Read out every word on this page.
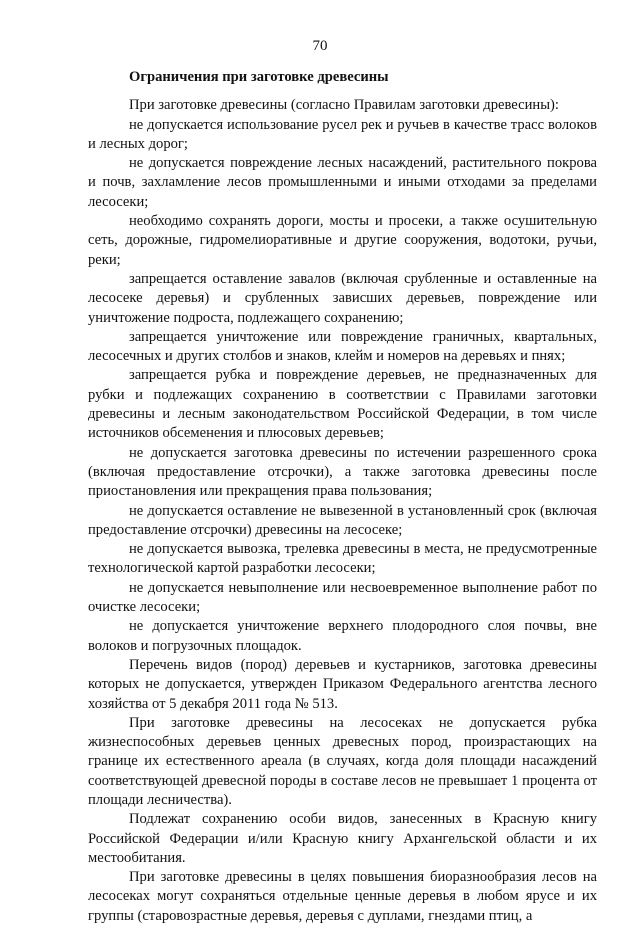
70

Ограничения при заготовке древесины

При заготовке древесины (согласно Правилам заготовки древесины):

не допускается использование русел рек и ручьев в качестве трасс волоков и лесных дорог;

не допускается повреждение лесных насаждений, растительного покрова и почв, захламление лесов промышленными и иными отходами за пределами лесосеки;

необходимо сохранять дороги, мосты и просеки, а также осушительную сеть, дорожные, гидромелиоративные и другие сооружения, водотоки, ручьи, реки;

запрещается оставление завалов (включая срубленные и оставленные на лесосеке деревья) и срубленных зависших деревьев, повреждение или уничтожение подроста, подлежащего сохранению;

запрещается уничтожение или повреждение граничных, квартальных, лесосечных и других столбов и знаков, клейм и номеров на деревьях и пнях;

запрещается рубка и повреждение деревьев, не предназначенных для рубки и подлежащих сохранению в соответствии с Правилами заготовки древесины и лесным законодательством Российской Федерации, в том числе источников обсеменения и плюсовых деревьев;

не допускается заготовка древесины по истечении разрешенного срока (включая предоставление отсрочки), а также заготовка древесины после приостановления или прекращения права пользования;

не допускается оставление не вывезенной в установленный срок (включая предоставление отсрочки) древесины на лесосеке;

не допускается вывозка, трелевка древесины в места, не предусмотренные технологической картой разработки лесосеки;

не допускается невыполнение или несвоевременное выполнение работ по очистке лесосеки;

не допускается уничтожение верхнего плодородного слоя почвы, вне волоков и погрузочных площадок.

Перечень видов (пород) деревьев и кустарников, заготовка древесины которых не допускается, утвержден Приказом Федерального агентства лесного хозяйства от 5 декабря 2011 года № 513.

При заготовке древесины на лесосеках не допускается рубка жизнеспособных деревьев ценных древесных пород, произрастающих на границе их естественного ареала (в случаях, когда доля площади насаждений соответствующей древесной породы в составе лесов не превышает 1 процента от площади лесничества).

Подлежат сохранению особи видов, занесенных в Красную книгу Российской Федерации и/или Красную книгу Архангельской области и их местообитания.

При заготовке древесины в целях повышения биоразнообразия лесов на лесосеках могут сохраняться отдельные ценные деревья в любом ярусе и их группы (старовозрастные деревья, деревья с дуплами, гнездами птиц, а
